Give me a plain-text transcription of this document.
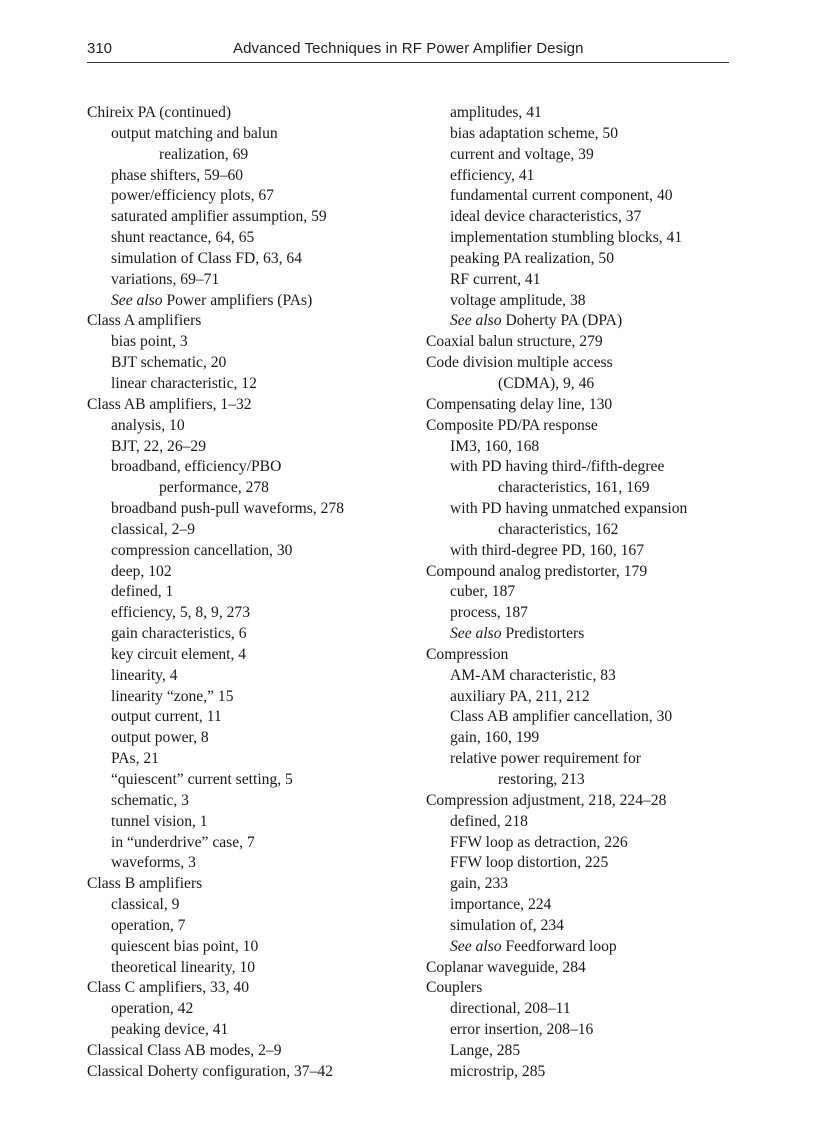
310	Advanced Techniques in RF Power Amplifier Design
Chireix PA (continued)
output matching and balun
realization, 69
phase shifters, 59–60
power/efficiency plots, 67
saturated amplifier assumption, 59
shunt reactance, 64, 65
simulation of Class FD, 63, 64
variations, 69–71
See also Power amplifiers (PAs)
Class A amplifiers
bias point, 3
BJT schematic, 20
linear characteristic, 12
Class AB amplifiers, 1–32
analysis, 10
BJT, 22, 26–29
broadband, efficiency/PBO
performance, 278
broadband push-pull waveforms, 278
classical, 2–9
compression cancellation, 30
deep, 102
defined, 1
efficiency, 5, 8, 9, 273
gain characteristics, 6
key circuit element, 4
linearity, 4
linearity “zone,” 15
output current, 11
output power, 8
PAs, 21
“quiescent” current setting, 5
schematic, 3
tunnel vision, 1
in “underdrive” case, 7
waveforms, 3
Class B amplifiers
classical, 9
operation, 7
quiescent bias point, 10
theoretical linearity, 10
Class C amplifiers, 33, 40
operation, 42
peaking device, 41
Classical Class AB modes, 2–9
Classical Doherty configuration, 37–42
amplitudes, 41
bias adaptation scheme, 50
current and voltage, 39
efficiency, 41
fundamental current component, 40
ideal device characteristics, 37
implementation stumbling blocks, 41
peaking PA realization, 50
RF current, 41
voltage amplitude, 38
See also Doherty PA (DPA)
Coaxial balun structure, 279
Code division multiple access
(CDMA), 9, 46
Compensating delay line, 130
Composite PD/PA response
IM3, 160, 168
with PD having third-/fifth-degree
characteristics, 161, 169
with PD having unmatched expansion
characteristics, 162
with third-degree PD, 160, 167
Compound analog predistorter, 179
cuber, 187
process, 187
See also Predistorters
Compression
AM-AM characteristic, 83
auxiliary PA, 211, 212
Class AB amplifier cancellation, 30
gain, 160, 199
relative power requirement for
restoring, 213
Compression adjustment, 218, 224–28
defined, 218
FFW loop as detraction, 226
FFW loop distortion, 225
gain, 233
importance, 224
simulation of, 234
See also Feedforward loop
Coplanar waveguide, 284
Couplers
directional, 208–11
error insertion, 208–16
Lange, 285
microstrip, 285
